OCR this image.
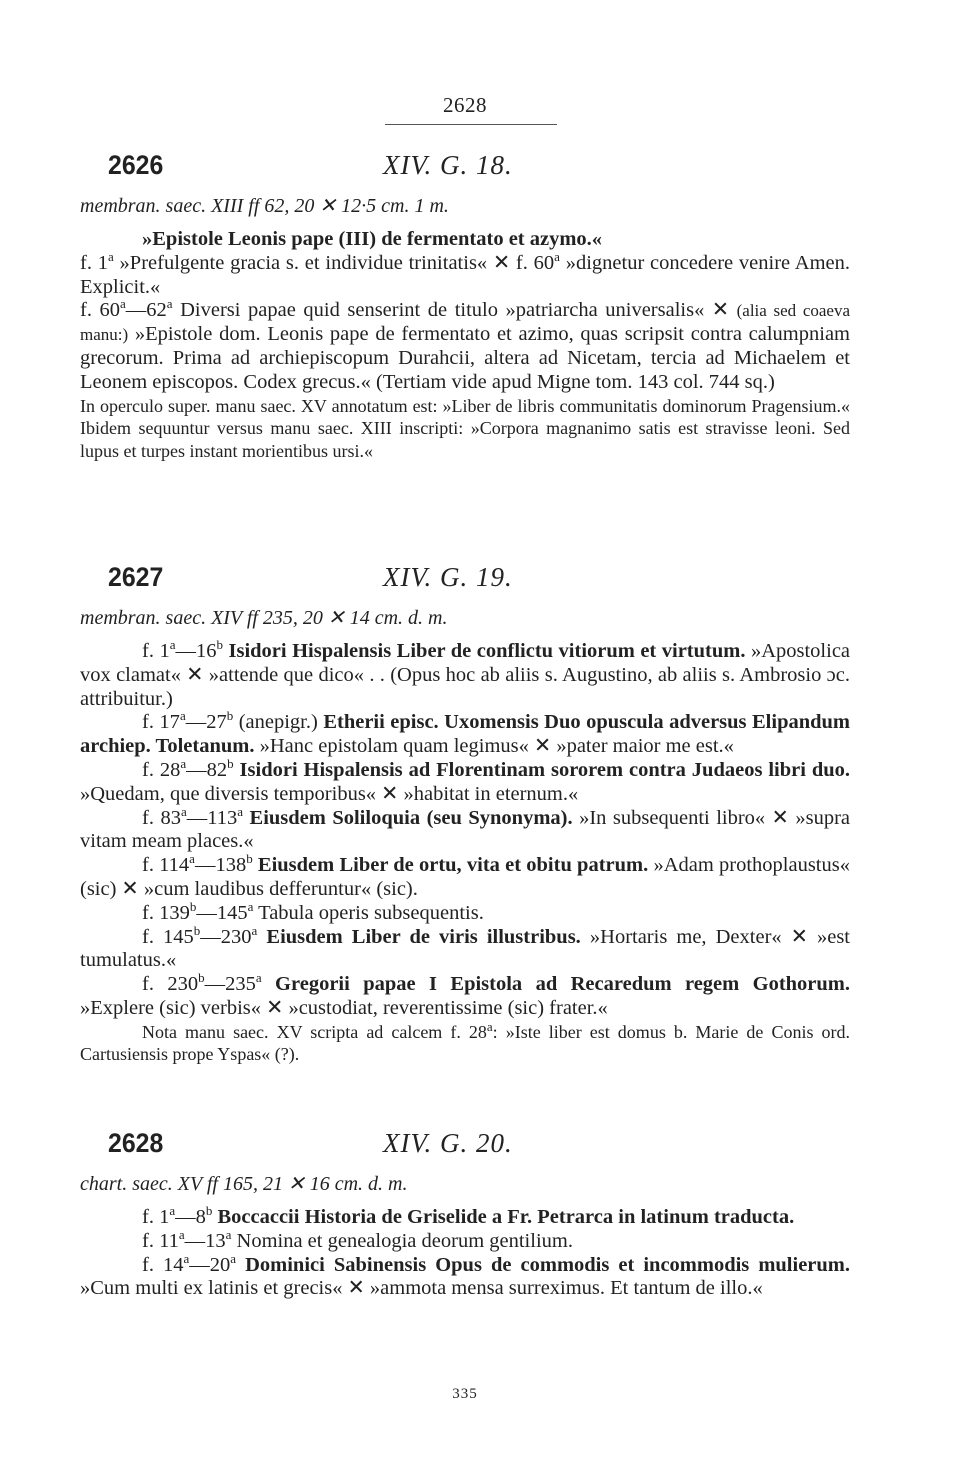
2628
2626	XIV. G. 18.
membran. saec. XIII ff 62, 20 ✕ 12·5 cm. 1 m.

»Epistole Leonis pape (III) de fermentato et azymo.«

f. 1$^a$ »Prefulgente gracia s. et individue trinitatis« ✕ f. 60$^a$ »dignetur concedere venire Amen. Explicit.«

f. 60$^a$—62$^a$ Diversi papae quid senserint de titulo »patriarcha universalis« ✕ (alia sed coaeva manu:) »Epistole dom. Leonis pape de fermentato et azimo, quas scripsit contra calumpniam grecorum. Prima ad archiepiscopum Durahcii, altera ad Nicetam, tercia ad Michaelem et Leonem episcopos. Codex grecus.« (Tertiam vide apud Migne tom. 143 col. 744 sq.)

In operculo super. manu saec. XV annotatum est: »Liber de libris communitatis dominorum Pragensium.« Ibidem sequuntur versus manu saec. XIII inscripti: »Corpora magnanimo satis est stravisse leoni. Sed lupus et turpes instant morientibus ursi.«

2627	XIV. G. 19.
membran. saec. XIV ff 235, 20 ✕ 14 cm. d. m.

f. 1$^a$—16$^b$ Isidori Hispalensis Liber de conflictu vitiorum et virtutum. »Apostolica vox clamat« ✕ »attende que dico« . . (Opus hoc ab aliis s. Augustino, ab aliis s. Ambrosio ɔc. attribuitur.)

f. 17$^a$—27$^b$ (anepigr.) Etherii episc. Uxomensis Duo opuscula adversus Elipandum archiep. Toletanum. »Hanc epistolam quam legimus« ✕ »pater maior me est.«

f. 28$^a$—82$^b$ Isidori Hispalensis ad Florentinam sororem contra Judaeos libri duo. »Quedam, que diversis temporibus« ✕ »habitat in eternum.«

f. 83$^a$—113$^a$ Eiusdem Soliloquia (seu Synonyma). »In subsequenti libro« ✕ »supra vitam meam places.«

f. 114$^a$—138$^b$ Eiusdem Liber de ortu, vita et obitu patrum. »Adam prothoplaustus« (sic) ✕ »cum laudibus defferuntur« (sic).

f. 139$^b$—145$^a$ Tabula operis subsequentis.

f. 145$^b$—230$^a$ Eiusdem Liber de viris illustribus. »Hortaris me, Dexter« ✕ »est tumulatus.«

f. 230$^b$—235$^a$ Gregorii papae I Epistola ad Recaredum regem Gothorum. »Explere (sic) verbis« ✕ »custodiat, reverentissime (sic) frater.«

Nota manu saec. XV scripta ad calcem f. 28$^a$: »Iste liber est domus b. Marie de Conis ord. Cartusiensis prope Yspas« (?).

2628	XIV. G. 20.
chart. saec. XV ff 165, 21 ✕ 16 cm. d. m.

f. 1$^a$—8$^b$ Boccaccii Historia de Griselide a Fr. Petrarca in latinum traducta.

f. 11$^a$—13$^a$ Nomina et genealogia deorum gentilium.

f. 14$^a$—20$^a$ Dominici Sabinensis Opus de commodis et incommodis mulierum. »Cum multi ex latinis et grecis« ✕ »ammota mensa surreximus. Et tantum de illo.«

335
